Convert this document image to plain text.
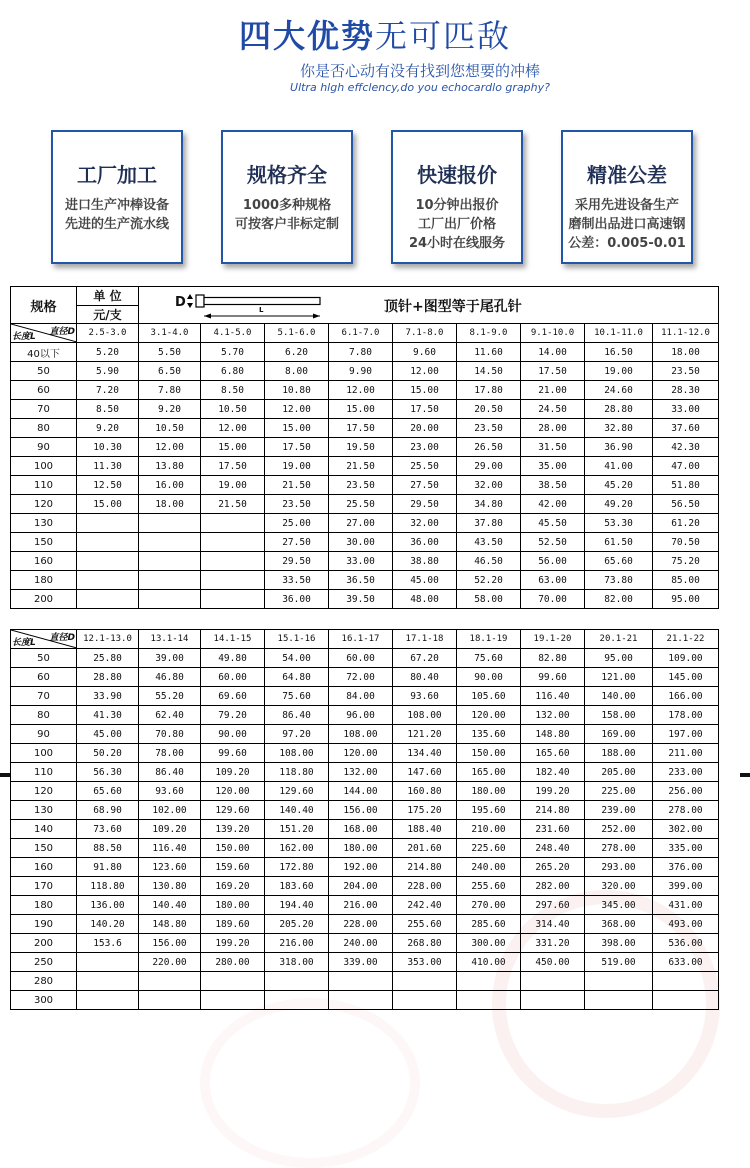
四大优势无可匹敌
你是否心动有没有找到您想要的冲棒
Ultra hlgh effclency,do you echocardlo graphy?
工厂加工
进口生产冲棒设备
先进的生产流水线
规格齐全
1000多种规格
可按客户非标定制
快速报价
10分钟出报价
工厂出厂价格
24小时在线服务
精准公差
采用先进设备生产
磨制出品进口高速钢
公差：0.005-0.01
规格	单 位	D L 顶针+图型等于尾孔针								

	元/支									

长度L 直径D	2.5-3.0	3.1-4.0	4.1-5.0	5.1-6.0	6.1-7.0	7.1-8.0	8.1-9.0	9.1-10.0	10.1-11.0	11.1-12.0
40以下	5.20	5.50	5.70	6.20	7.80	9.60	11.60	14.00	16.50	18.00
50	5.90	6.50	6.80	8.00	9.90	12.00	14.50	17.50	19.00	23.50
60	7.20	7.80	8.50	10.80	12.00	15.00	17.80	21.00	24.60	28.30
70	8.50	9.20	10.50	12.00	15.00	17.50	20.50	24.50	28.80	33.00
80	9.20	10.50	12.00	15.00	17.50	20.00	23.50	28.00	32.80	37.60
90	10.30	12.00	15.00	17.50	19.50	23.00	26.50	31.50	36.90	42.30
100	11.30	13.80	17.50	19.00	21.50	25.50	29.00	35.00	41.00	47.00
110	12.50	16.00	19.00	21.50	23.50	27.50	32.00	38.50	45.20	51.80
120	15.00	18.00	21.50	23.50	25.50	29.50	34.80	42.00	49.20	56.50
130				25.00	27.00	32.00	37.80	45.50	53.30	61.20
150				27.50	30.00	36.00	43.50	52.50	61.50	70.50
160				29.50	33.00	38.80	46.50	56.00	65.60	75.20
180				33.50	36.50	45.00	52.20	63.00	73.80	85.00
200				36.00	39.50	48.00	58.00	70.00	82.00	95.00

长度L 直径D	12.1-13.0	13.1-14	14.1-15	15.1-16	16.1-17	17.1-18	18.1-19	19.1-20	20.1-21	21.1-22
50	25.80	39.00	49.80	54.00	60.00	67.20	75.60	82.80	95.00	109.00
60	28.80	46.80	60.00	64.80	72.00	80.40	90.00	99.60	121.00	145.00
70	33.90	55.20	69.60	75.60	84.00	93.60	105.60	116.40	140.00	166.00
80	41.30	62.40	79.20	86.40	96.00	108.00	120.00	132.00	158.00	178.00
90	45.00	70.80	90.00	97.20	108.00	121.20	135.60	148.80	169.00	197.00
100	50.20	78.00	99.60	108.00	120.00	134.40	150.00	165.60	188.00	211.00
110	56.30	86.40	109.20	118.80	132.00	147.60	165.00	182.40	205.00	233.00
120	65.60	93.60	120.00	129.60	144.00	160.80	180.00	199.20	225.00	256.00
130	68.90	102.00	129.60	140.40	156.00	175.20	195.60	214.80	239.00	278.00
140	73.60	109.20	139.20	151.20	168.00	188.40	210.00	231.60	252.00	302.00
150	88.50	116.40	150.00	162.00	180.00	201.60	225.60	248.40	278.00	335.00
160	91.80	123.60	159.60	172.80	192.00	214.80	240.00	265.20	293.00	376.00
170	118.80	130.80	169.20	183.60	204.00	228.00	255.60	282.00	320.00	399.00
180	136.00	140.40	180.00	194.40	216.00	242.40	270.00	297.60	345.00	431.00
190	140.20	148.80	189.60	205.20	228.00	255.60	285.60	314.40	368.00	493.00
200	153.6	156.00	199.20	216.00	240.00	268.80	300.00	331.20	398.00	536.00
250		220.00	280.00	318.00	339.00	353.00	410.00	450.00	519.00	633.00
280										
300										
